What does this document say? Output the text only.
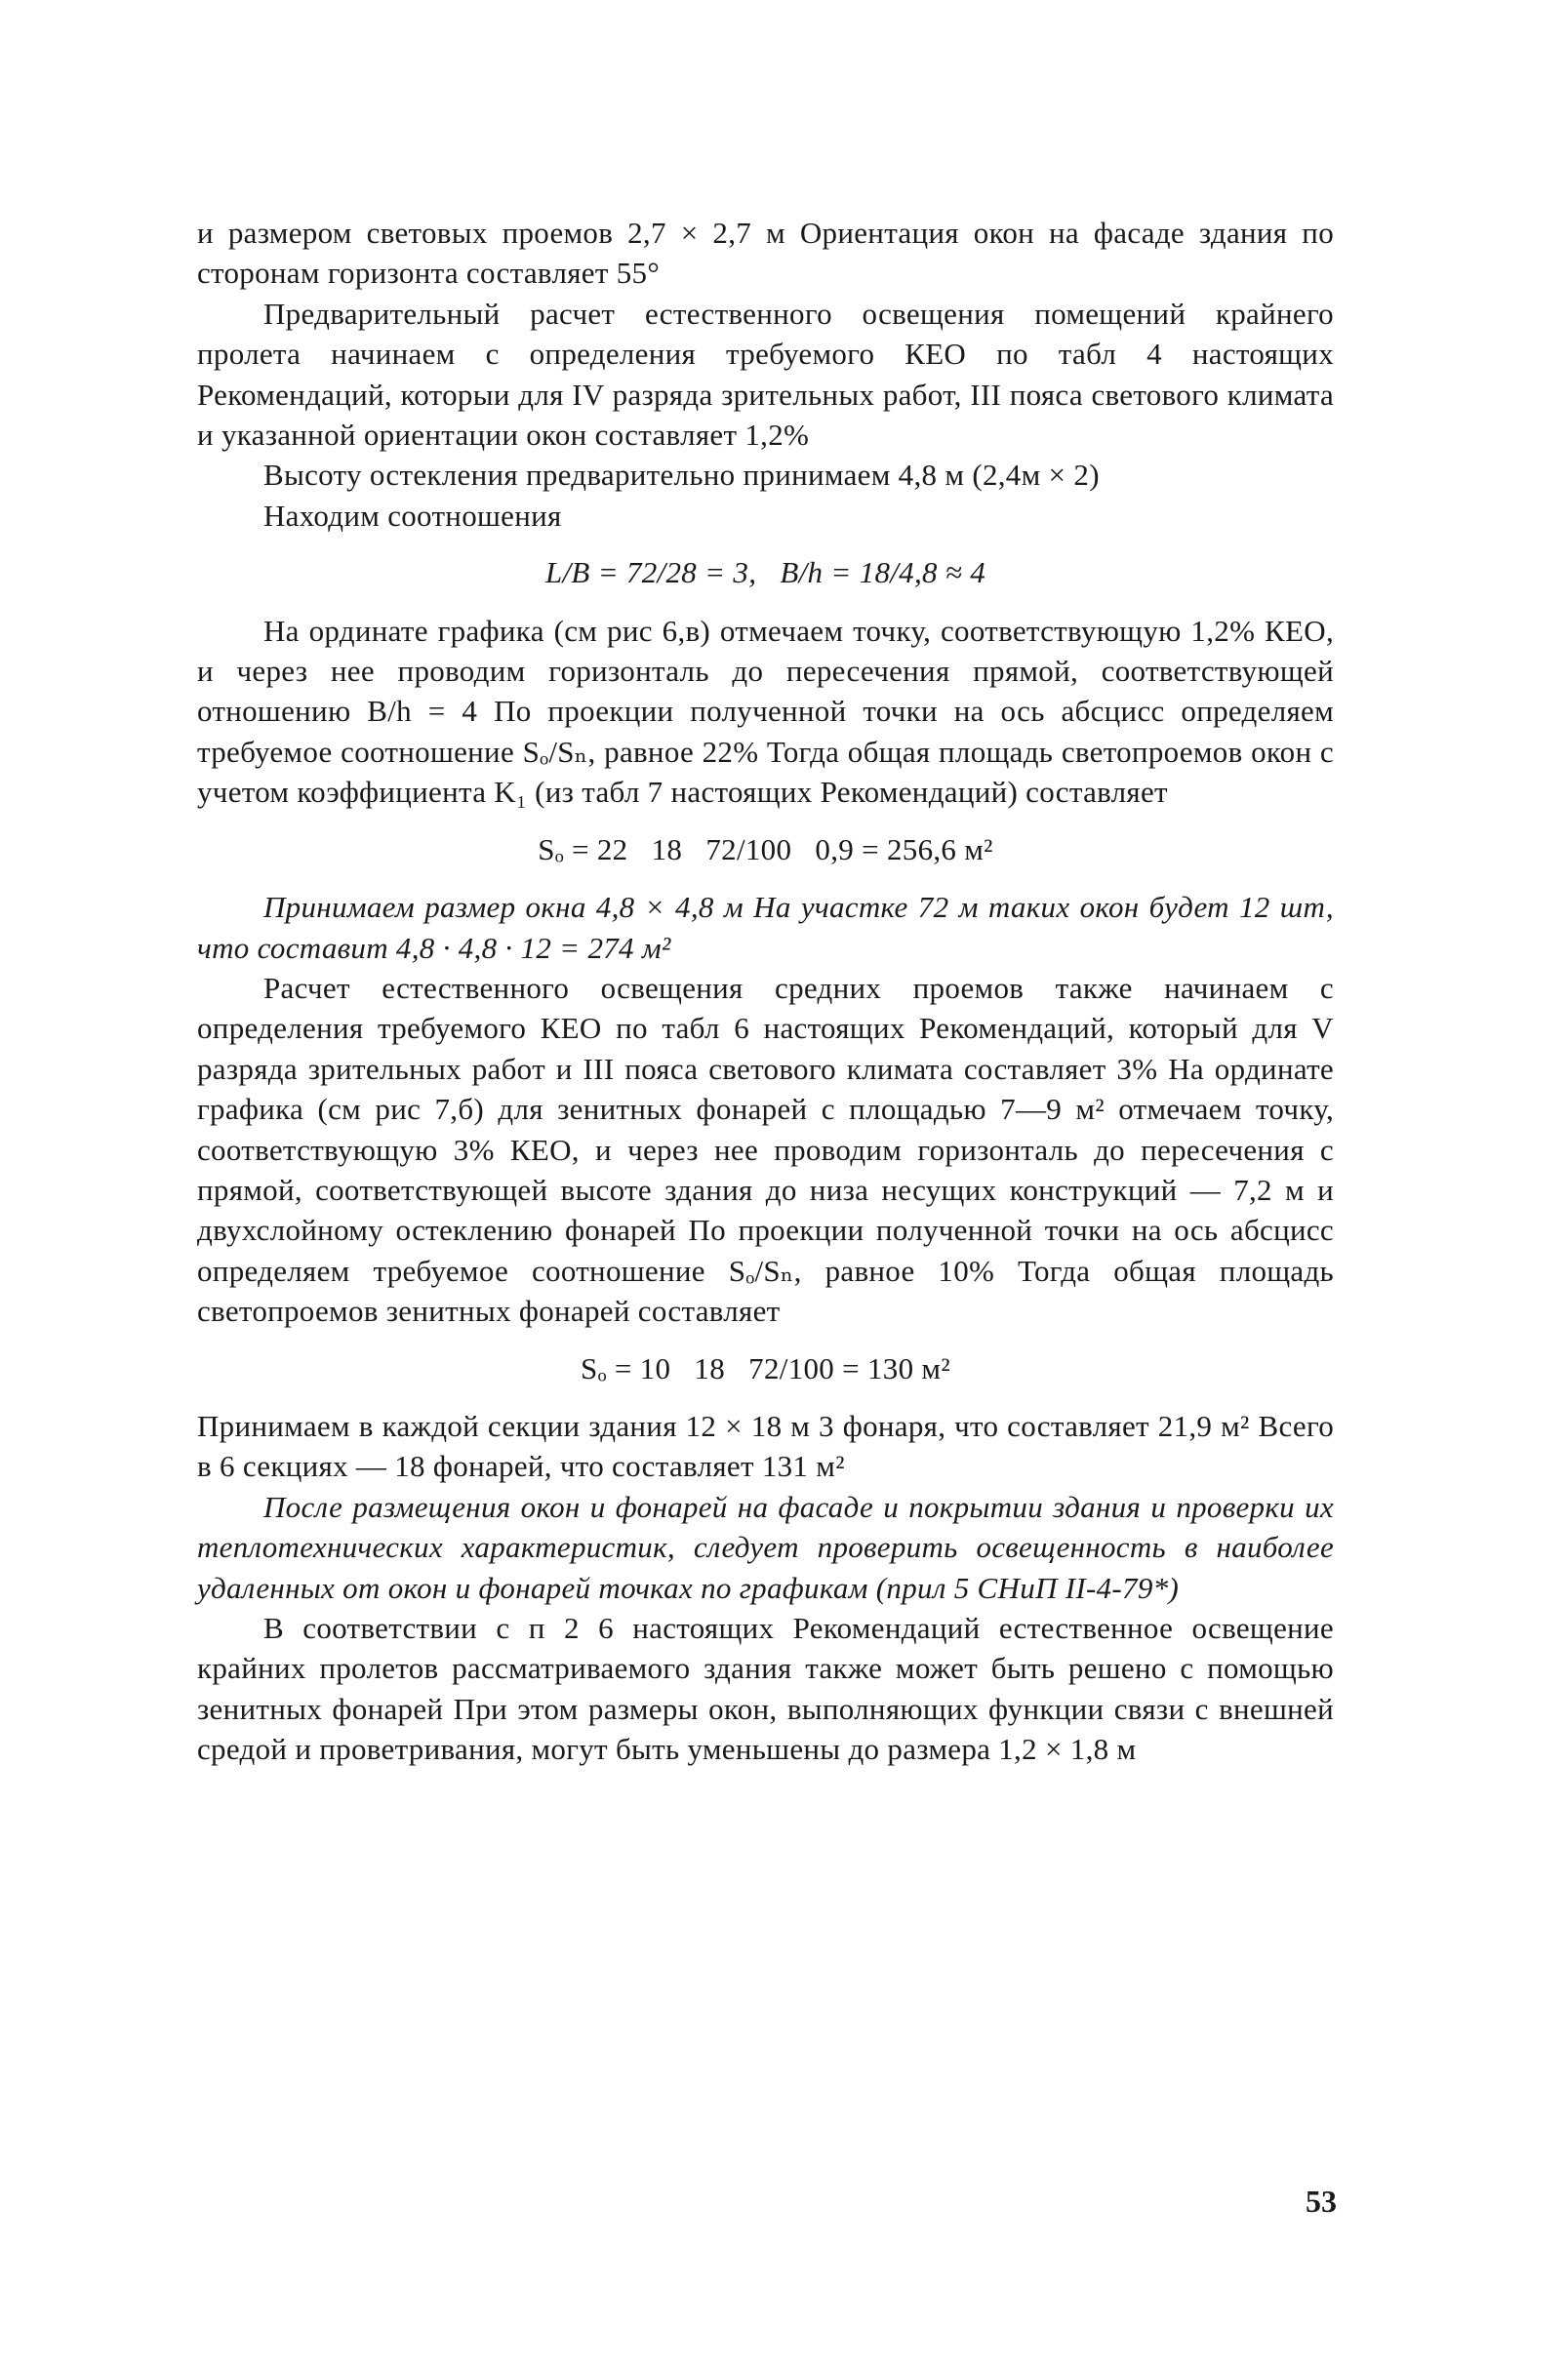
и размером световых проемов 2,7 × 2,7 м Ориентация окон на фасаде здания по сторонам горизонта составляет 55°

Предварительный расчет естественного освещения помещений крайнего пролета начинаем с определения требуемого КЕО по табл 4 настоящих Рекомендаций, которыи для IV разряда зрительных работ, III пояса светового климата и указанной ориентации окон составляет 1,2%

Высоту остекления предварительно принимаем 4,8 м (2,4м × 2)

Находим соотношения

L/B = 72/28 = 3,   B/h = 18/4,8 ≈ 4

На ординате графика (см рис 6,в) отмечаем точку, соответствующую 1,2% КЕО, и через нее проводим горизонталь до пересечения прямой, соответствующей отношению B/h = 4 По проекции полученной точки на ось абсцисс определяем требуемое соотношение Sₒ/Sₙ, равное 22% Тогда общая площадь светопроемов окон с учетом коэффициента K₁ (из табл 7 настоящих Рекомендаций) составляет

Sₒ = 22   18   72/100   0,9 = 256,6 м²

Принимаем размер окна 4,8 × 4,8 м На участке 72 м таких окон будет 12 шт, что составит 4,8 · 4,8 · 12 = 274 м²

Расчет естественного освещения средних проемов также начинаем с определения требуемого КЕО по табл 6 настоящих Рекомендаций, который для V разряда зрительных работ и III пояса светового климата составляет 3% На ординате графика (см рис 7,б) для зенитных фонарей с площадью 7—9 м² отмечаем точку, соответствующую 3% КЕО, и через нее проводим горизонталь до пересечения с прямой, соответствующей высоте здания до низа несущих конструкций — 7,2 м и двухслойному остеклению фонарей По проекции полученной точки на ось абсцисс определяем требуемое соотношение Sₒ/Sₙ, равное 10% Тогда общая площадь светопроемов зенитных фонарей составляет

Sₒ = 10   18   72/100 = 130 м²

Принимаем в каждой секции здания 12 × 18 м 3 фонаря, что составляет 21,9 м² Всего в 6 секциях — 18 фонарей, что составляет 131 м²

После размещения окон и фонарей на фасаде и покрытии здания и проверки их теплотехнических характеристик, следует проверить освещенность в наиболее удаленных от окон и фонарей точках по графикам (прил 5 СНиП II-4-79*)

В соответствии с п 2 6 настоящих Рекомендаций естественное освещение крайних пролетов рассматриваемого здания также может быть решено с помощью зенитных фонарей При этом размеры окон, выполняющих функции связи с внешней средой и проветривания, могут быть уменьшены до размера 1,2 × 1,8 м

53
